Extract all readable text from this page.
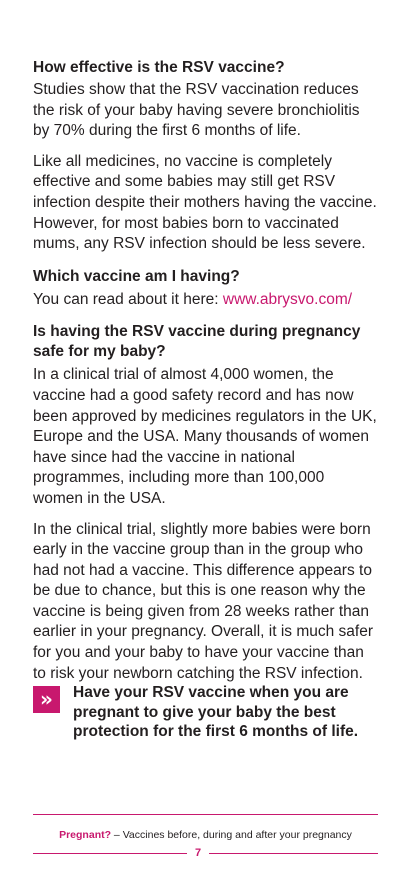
How effective is the RSV vaccine?

Studies show that the RSV vaccination reduces the risk of your baby having severe bronchiolitis by 70% during the first 6 months of life.

Like all medicines, no vaccine is completely effective and some babies may still get RSV infection despite their mothers having the vaccine. However, for most babies born to vaccinated mums, any RSV infection should be less severe.

Which vaccine am I having?

You can read about it here: www.abrysvo.com/

Is having the RSV vaccine during pregnancy safe for my baby?

In a clinical trial of almost 4,000 women, the vaccine had a good safety record and has now been approved by medicines regulators in the UK, Europe and the USA. Many thousands of women have since had the vaccine in national programmes, including more than 100,000 women in the USA.

In the clinical trial, slightly more babies were born early in the vaccine group than in the group who had not had a vaccine. This difference appears to be due to chance, but this is one reason why the vaccine is being given from 28 weeks rather than earlier in your pregnancy. Overall, it is much safer for you and your baby to have your vaccine than to risk your newborn catching the RSV infection.

»	Have your RSV vaccine when you are pregnant to give your baby the best protection for the first 6 months of life.
Pregnant? – Vaccines before, during and after your pregnancy
7
